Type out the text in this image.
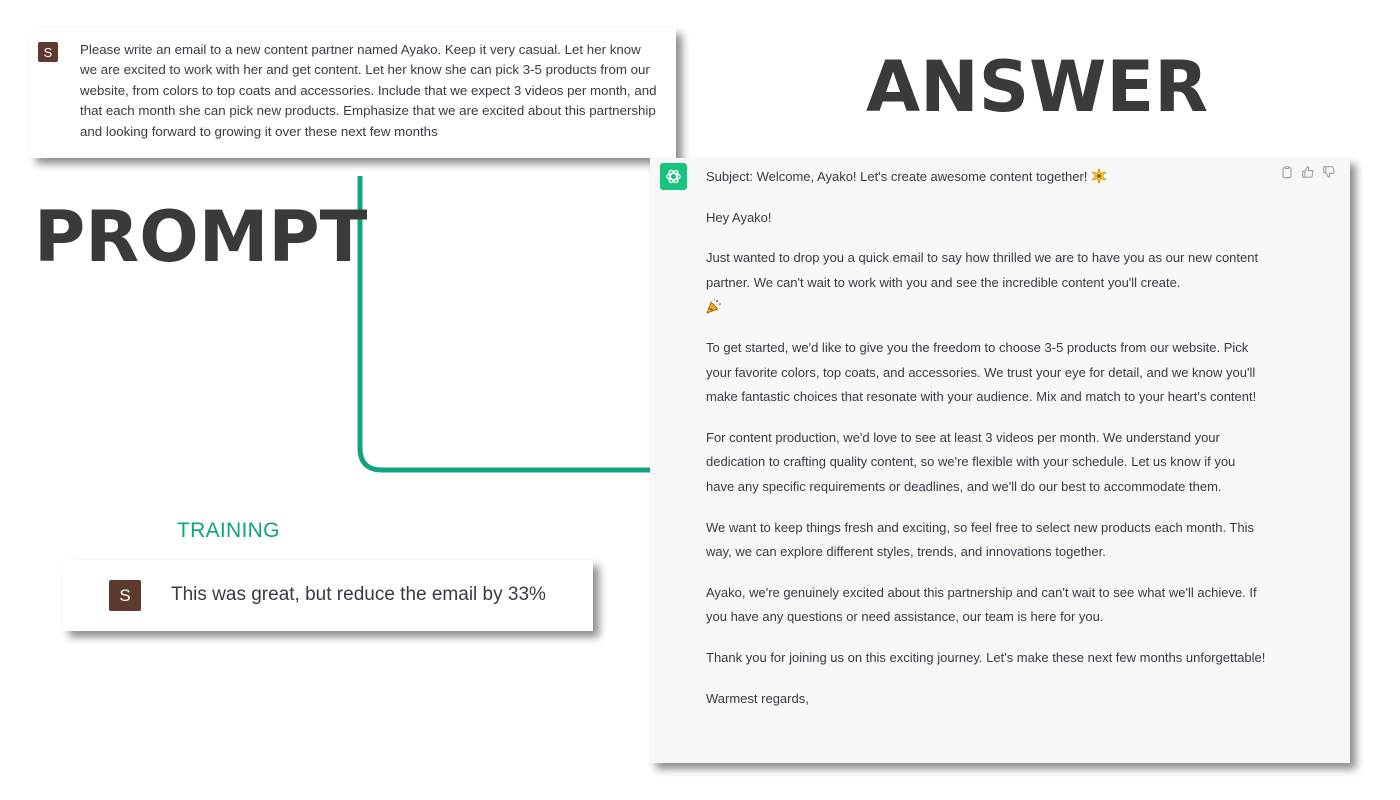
S	Please write an email to a new content partner named Ayako. Keep it very casual. Let her know we are excited to work with her and get content. Let her know she can pick 3-5 products from our website, from colors to top coats and accessories. Include that we expect 3 videos per month, and that each month she can pick new products. Emphasize that we are excited about this partnership and looking forward to growing it over these next few months

ANSWER
PROMPT
TRAINING
S	This was great, but reduce the email by 33%

Subject: Welcome, Ayako! Let's create awesome content together!

Hey Ayako!

Just wanted to drop you a quick email to say how thrilled we are to have you as our new content partner. We can't wait to work with you and see the incredible content you'll create.

To get started, we'd like to give you the freedom to choose 3-5 products from our website. Pick your favorite colors, top coats, and accessories. We trust your eye for detail, and we know you'll make fantastic choices that resonate with your audience. Mix and match to your heart's content!

For content production, we'd love to see at least 3 videos per month. We understand your dedication to crafting quality content, so we're flexible with your schedule. Let us know if you have any specific requirements or deadlines, and we'll do our best to accommodate them.

We want to keep things fresh and exciting, so feel free to select new products each month. This way, we can explore different styles, trends, and innovations together.

Ayako, we're genuinely excited about this partnership and can't wait to see what we'll achieve. If you have any questions or need assistance, our team is here for you.

Thank you for joining us on this exciting journey. Let's make these next few months unforgettable!

Warmest regards,
